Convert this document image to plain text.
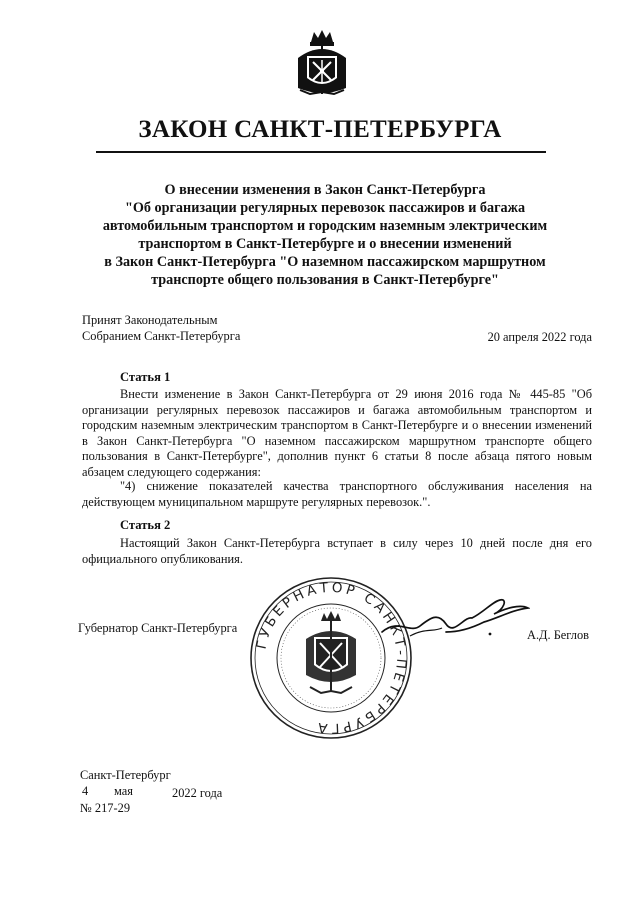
ЗАКОН САНКТ-ПЕТЕРБУРГА
О внесении изменения в Закон Санкт-Петербурга
"Об организации регулярных перевозок пассажиров и багажа
автомобильным транспортом и городским наземным электрическим
транспортом в Санкт-Петербурге и о внесении изменений
в Закон Санкт-Петербурга "О наземном пассажирском маршрутном
транспорте общего пользования в Санкт-Петербурге"
Принят Законодательным
Собранием Санкт-Петербурга	20 апреля 2022 года
Статья 1

Внести изменение в Закон Санкт-Петербурга от 29 июня 2016 года № 445-85 "Об организации регулярных перевозок пассажиров и багажа автомобильным транспортом и городским наземным электрическим транспортом в Санкт-Петербурге и о внесении изменений в Закон Санкт-Петербурга "О наземном пассажирском маршрутном транспорте общего пользования в Санкт-Петербурге", дополнив пункт 6 статьи 8 после абзаца пятого новым абзацем следующего содержания:

"4) снижение показателей качества транспортного обслуживания населения на действующем муниципальном маршруте регулярных перевозок.".

Статья 2

Настоящий Закон Санкт-Петербурга вступает в силу через 10 дней после дня его официального опубликования.

Губернатор Санкт-Петербурга	А.Д. Беглов
ГУБЕРНАТОР САНКТ-ПЕТЕРБУРГА
Санкт-Петербург
4 мая	2022 года
№ 217-29
